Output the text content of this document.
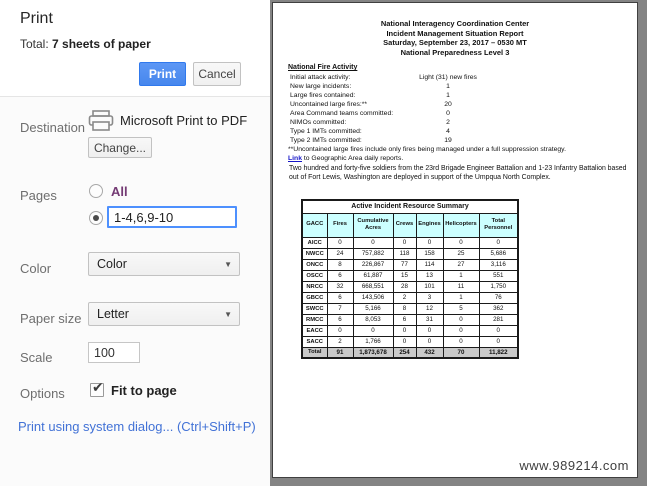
Print
Total: 7 sheets of paper
Print	Cancel
Destination	Microsoft Print to PDF
Change...
Pages	All
1-4,6,9-10
Color	Color	▼
Paper size	Letter	▼
Scale
100
Options ✔ Fit to page
Print using system dialog... (Ctrl+Shift+P)
National Interagency Coordination Center
Incident Management Situation Report
Saturday, September 23, 2017 – 0530 MT
National Preparedness Level 3
National Fire Activity
Initial attack activity:	Light (31) new fires
New large incidents:	1
Large fires contained:	1
Uncontained large fires:**	20
Area Command teams committed:	0
NIMOs committed:	2
Type 1 IMTs committed:	4
Type 2 IMTs committed:	19
**Uncontained large fires include only fires being managed under a full suppression strategy.
Link to Geographic Area daily reports.
Two hundred and forty-five soldiers from the 23rd Brigade Engineer Battalion and 1-23 Infantry Battalion based out of Fort Lewis, Washington are deployed in support of the Umpqua North Complex.
Active Incident Resource Summary						
GACC	Fires	Cumulative Acres	Crews	Engines	Helicopters	Total Personnel
AICC	0	0	0	0	0	0
NWCC	24	757,882	118	158	25	5,686
ONCC	8	226,867	77	114	27	3,116
OSCC	6	61,887	15	13	1	551
NRCC	32	668,551	28	101	11	1,750
GBCC	6	143,506	2	3	1	76
SWCC	7	5,166	8	12	5	362
RMCC	6	8,053	6	31	0	281
EACC	0	0	0	0	0	0
SACC	2	1,766	0	0	0	0
Total	91	1,873,678	254	432	70	11,822
www.989214.com
